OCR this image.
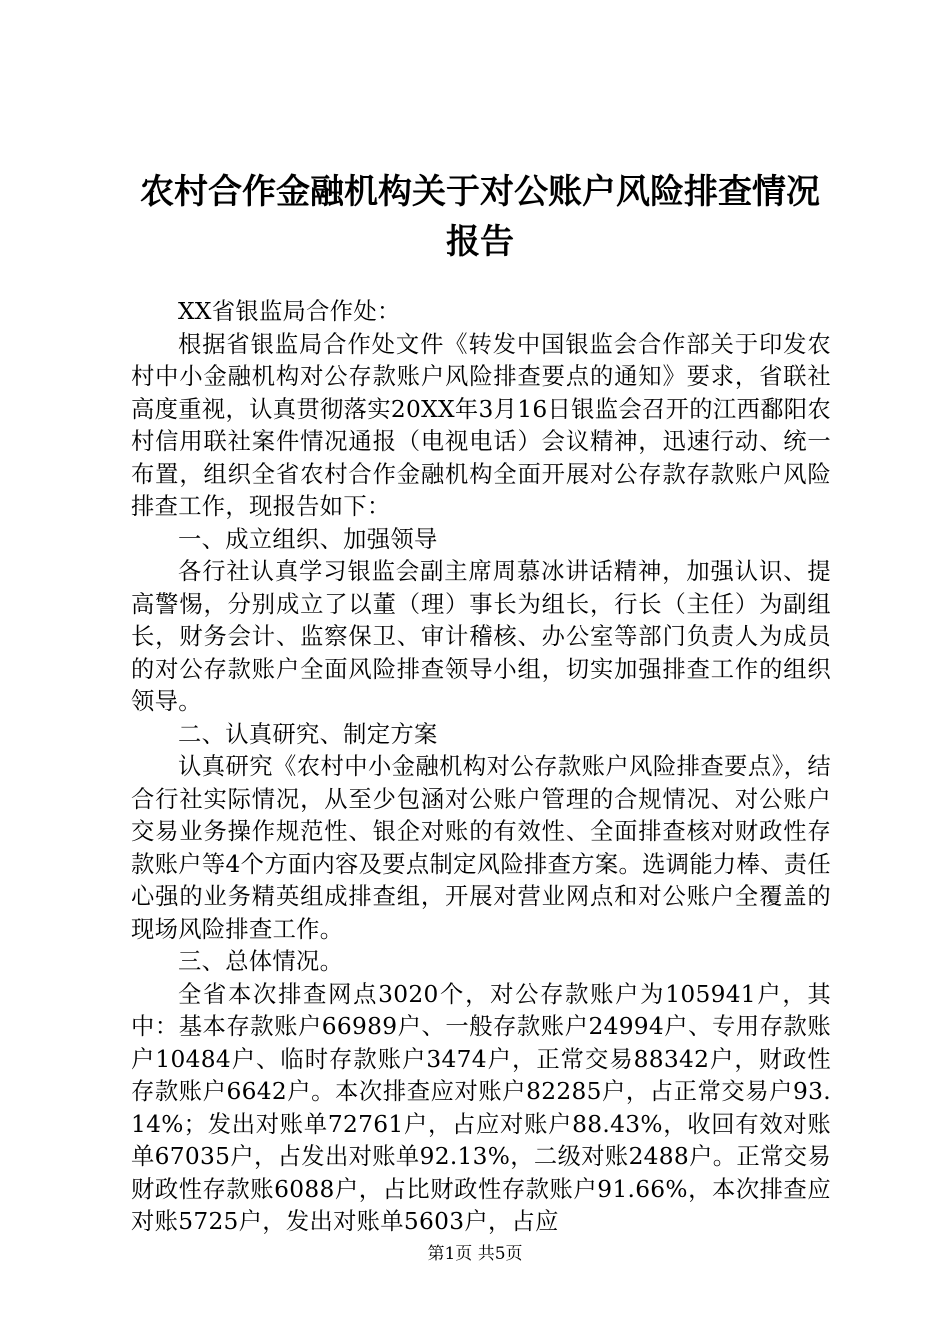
农村合作金融机构关于对公账户风险排查情况
报告

XX省银监局合作处：

根据省银监局合作处文件《转发中国银监会合作部关于印发农村中小金融机构对公存款账户风险排查要点的通知》要求，省联社高度重视，认真贯彻落实20XX年3月16日银监会召开的江西鄱阳农村信用联社案件情况通报（电视电话）会议精神，迅速行动、统一布置，组织全省农村合作金融机构全面开展对公存款存款账户风险排查工作，现报告如下：

一、成立组织、加强领导

各行社认真学习银监会副主席周慕冰讲话精神，加强认识、提高警惕，分别成立了以董（理）事长为组长，行长（主任）为副组长，财务会计、监察保卫、审计稽核、办公室等部门负责人为成员的对公存款账户全面风险排查领导小组，切实加强排查工作的组织领导。

二、认真研究、制定方案

认真研究《农村中小金融机构对公存款账户风险排查要点》，结合行社实际情况，从至少包涵对公账户管理的合规情况、对公账户交易业务操作规范性、银企对账的有效性、全面排查核对财政性存款账户等4个方面内容及要点制定风险排查方案。选调能力棒、责任心强的业务精英组成排查组，开展对营业网点和对公账户全覆盖的现场风险排查工作。

三、总体情况。

全省本次排查网点3020个，对公存款账户为105941户，其中：基本存款账户66989户、一般存款账户24994户、专用存款账户10484户、临时存款账户3474户，正常交易88342户，财政性存款账户6642户。本次排查应对账户82285户，占正常交易户93.14%；发出对账单72761户，占应对账户88.43%，收回有效对账单67035户，占发出对账单92.13%，二级对账2488户。正常交易财政性存款账6088户，占比财政性存款账户91.66%，本次排查应对账5725户，发出对账单5603户，占应

第1页 共5页
